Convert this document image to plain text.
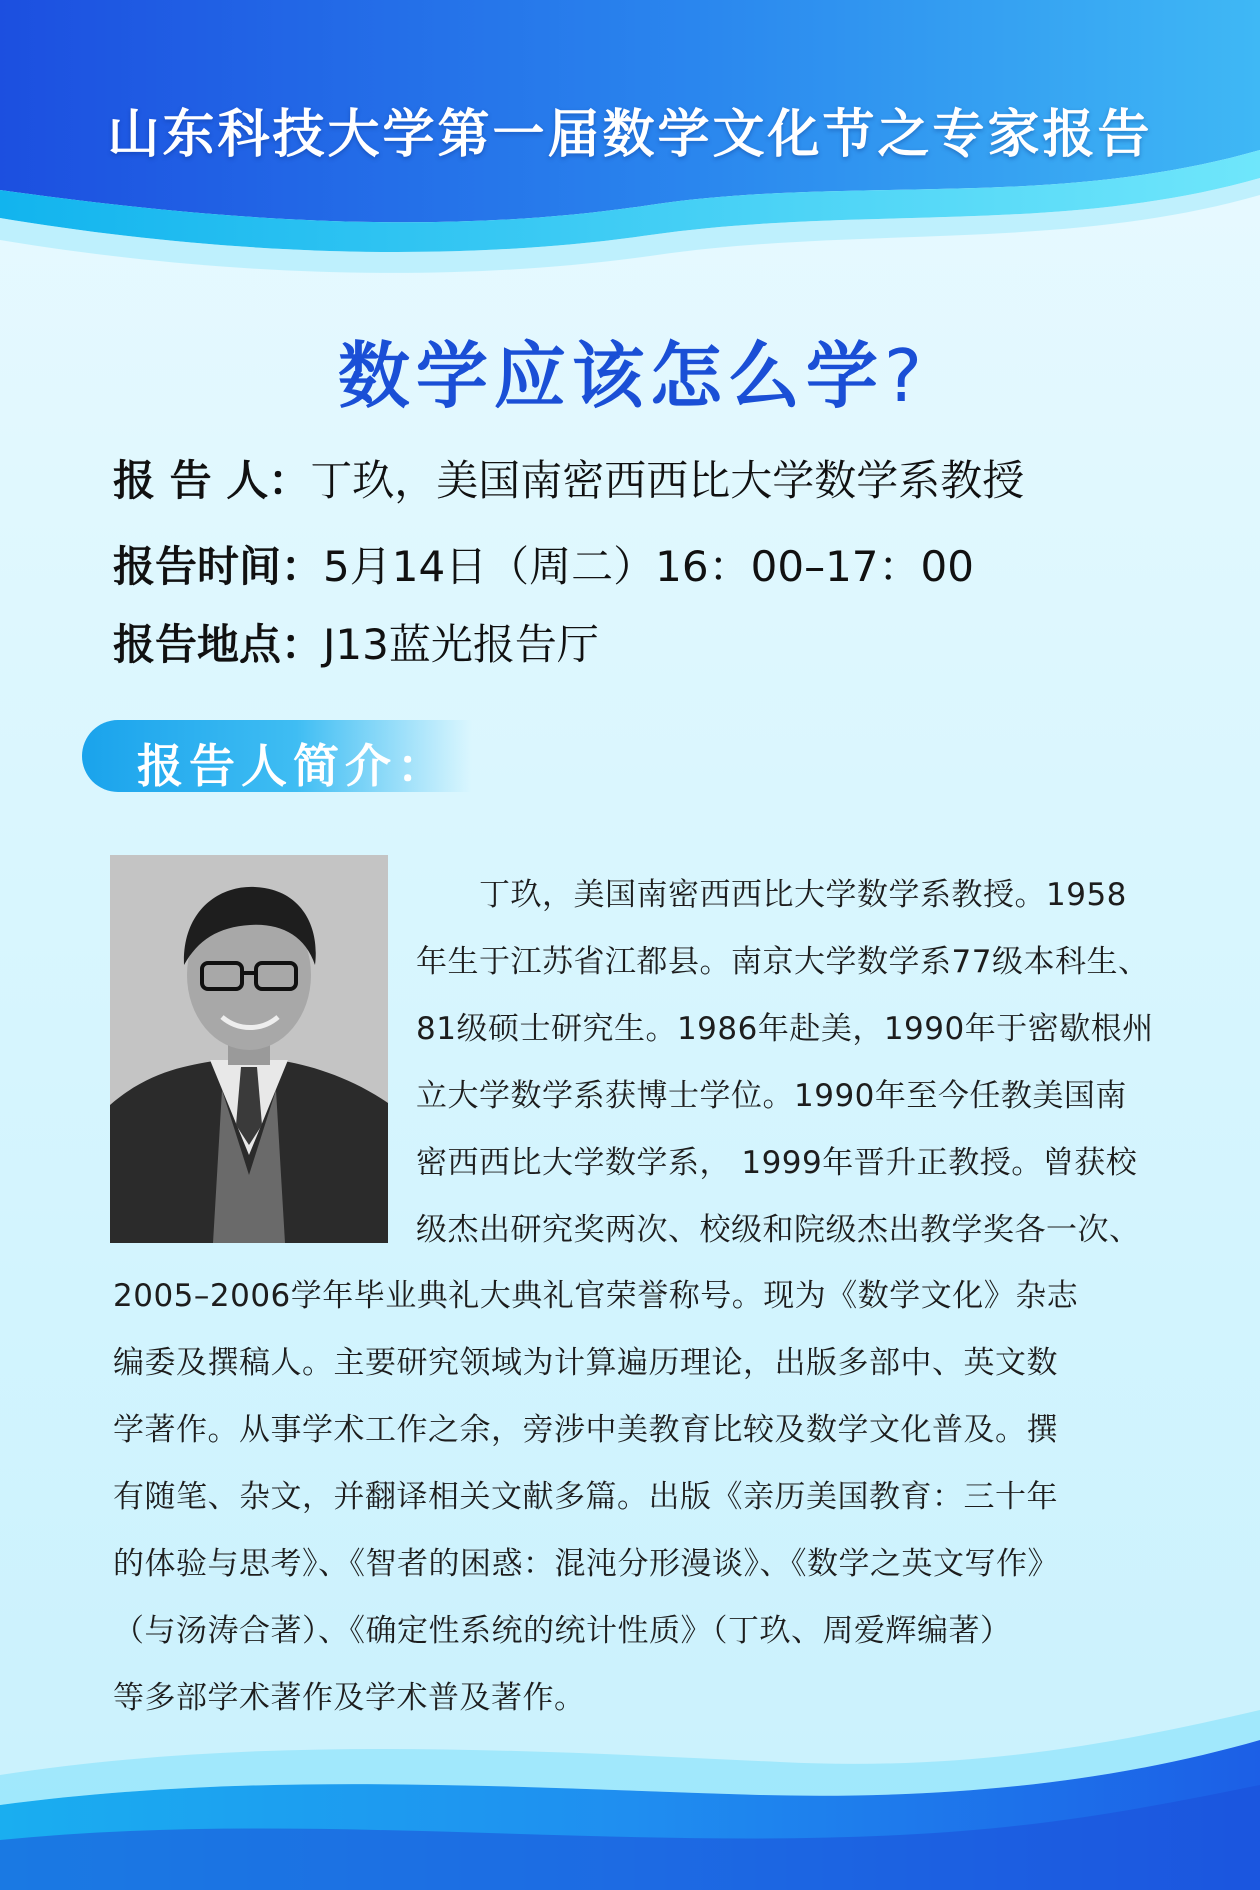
山东科技大学第一届数学文化节之专家报告
数学应该怎么学?
报 告 人：丁玖，美国南密西西比大学数学系教授
报告时间：5月14日（周二）16：00–17：00
报告地点：J13蓝光报告厅
报告人简介：
　　丁玖，美国南密西西比大学数学系教授。1958
年生于江苏省江都县。南京大学数学系77级本科生、
81级硕士研究生。1986年赴美，1990年于密歇根州
立大学数学系获博士学位。1990年至今任教美国南
密西西比大学数学系， 1999年晋升正教授。曾获校
级杰出研究奖两次、校级和院级杰出教学奖各一次、
2005–2006学年毕业典礼大典礼官荣誉称号。现为《数学文化》杂志
编委及撰稿人。主要研究领域为计算遍历理论，出版多部中、英文数
学著作。从事学术工作之余，旁涉中美教育比较及数学文化普及。撰
有随笔、杂文，并翻译相关文献多篇。出版《亲历美国教育：三十年
的体验与思考》、《智者的困惑：混沌分形漫谈》、《数学之英文写作》
（与汤涛合著）、《确定性系统的统计性质》（丁玖、周爱辉编著）
等多部学术著作及学术普及著作。
